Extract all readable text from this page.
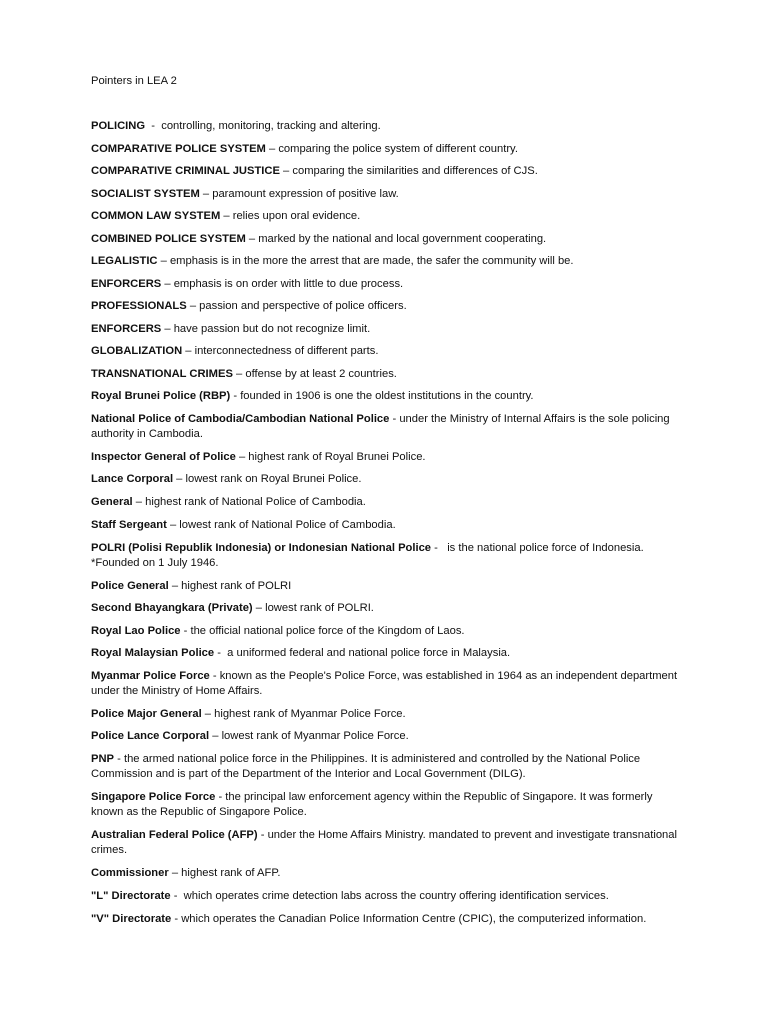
Pointers in LEA 2

POLICING  -  controlling, monitoring, tracking and altering.
COMPARATIVE POLICE SYSTEM – comparing the police system of different country.
COMPARATIVE CRIMINAL JUSTICE – comparing the similarities and differences of CJS.
SOCIALIST SYSTEM – paramount expression of positive law.
COMMON LAW SYSTEM – relies upon oral evidence.
COMBINED POLICE SYSTEM – marked by the national and local government cooperating.
LEGALISTIC – emphasis is in the more the arrest that are made, the safer the community will be.
ENFORCERS – emphasis is on order with little to due process.
PROFESSIONALS – passion and perspective of police officers.
ENFORCERS – have passion but do not recognize limit.
GLOBALIZATION – interconnectedness of different parts.
TRANSNATIONAL CRIMES – offense by at least 2 countries.
Royal Brunei Police (RBP) - founded in 1906 is one the oldest institutions in the country.
National Police of Cambodia/Cambodian National Police - under the Ministry of Internal Affairs is the sole policing authority in Cambodia.
Inspector General of Police – highest rank of Royal Brunei Police.
Lance Corporal – lowest rank on Royal Brunei Police.
General – highest rank of National Police of Cambodia.
Staff Sergeant – lowest rank of National Police of Cambodia.
POLRI (Polisi Republik Indonesia) or Indonesian National Police -   is the national police force of Indonesia. *Founded on 1 July 1946.
Police General – highest rank of POLRI
Second Bhayangkara (Private) – lowest rank of POLRI.
Royal Lao Police - the official national police force of the Kingdom of Laos.
Royal Malaysian Police -  a uniformed federal and national police force in Malaysia.
Myanmar Police Force - known as the People's Police Force, was established in 1964 as an independent department under the Ministry of Home Affairs.
Police Major General – highest rank of Myanmar Police Force.
Police Lance Corporal – lowest rank of Myanmar Police Force.
PNP - the armed national police force in the Philippines. It is administered and controlled by the National Police Commission and is part of the Department of the Interior and Local Government (DILG).
Singapore Police Force - the principal law enforcement agency within the Republic of Singapore. It was formerly known as the Republic of Singapore Police.
Australian Federal Police (AFP) - under the Home Affairs Ministry. mandated to prevent and investigate transnational crimes.
Commissioner – highest rank of AFP.
"L" Directorate -  which operates crime detection labs across the country offering identification services.
"V" Directorate - which operates the Canadian Police Information Centre (CPIC), the computerized information.
